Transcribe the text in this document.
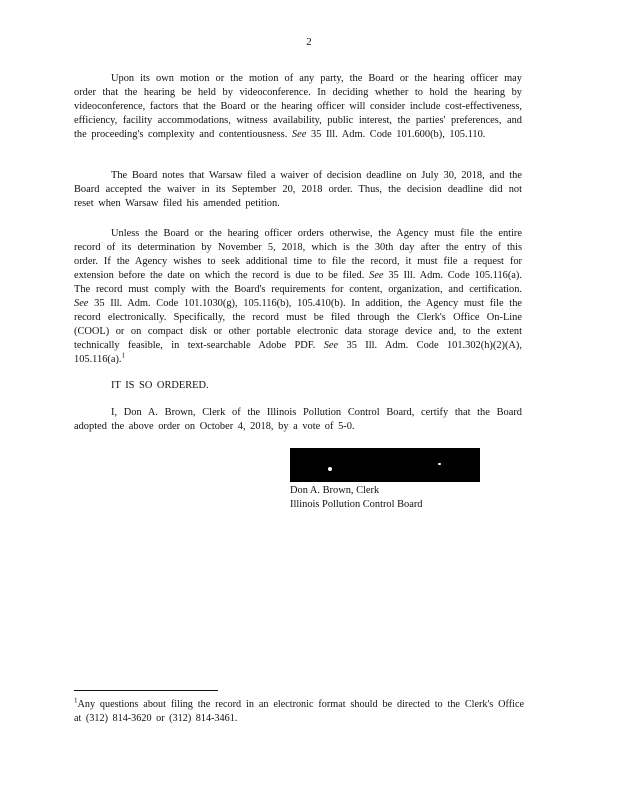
2

Upon its own motion or the motion of any party, the Board or the hearing officer may order that the hearing be held by videoconference. In deciding whether to hold the hearing by videoconference, factors that the Board or the hearing officer will consider include cost-effectiveness, efficiency, facility accommodations, witness availability, public interest, the parties' preferences, and the proceeding's complexity and contentiousness. See 35 Ill. Adm. Code 101.600(b), 105.110.

The Board notes that Warsaw filed a waiver of decision deadline on July 30, 2018, and the Board accepted the waiver in its September 20, 2018 order. Thus, the decision deadline did not reset when Warsaw filed his amended petition.

Unless the Board or the hearing officer orders otherwise, the Agency must file the entire record of its determination by November 5, 2018, which is the 30th day after the entry of this order. If the Agency wishes to seek additional time to file the record, it must file a request for extension before the date on which the record is due to be filed. See 35 Ill. Adm. Code 105.116(a). The record must comply with the Board's requirements for content, organization, and certification. See 35 Ill. Adm. Code 101.1030(g), 105.116(b), 105.410(b). In addition, the Agency must file the record electronically. Specifically, the record must be filed through the Clerk's Office On-Line (COOL) or on compact disk or other portable electronic data storage device and, to the extent technically feasible, in text-searchable Adobe PDF. See 35 Ill. Adm. Code 101.302(h)(2)(A), 105.116(a).$^1$

IT IS SO ORDERED.

I, Don A. Brown, Clerk of the Illinois Pollution Control Board, certify that the Board adopted the above order on October 4, 2018, by a vote of 5-0.

Don A. Brown, Clerk
Illinois Pollution Control Board

$^1$Any questions about filing the record in an electronic format should be directed to the Clerk's Office at (312) 814-3620 or (312) 814-3461.
